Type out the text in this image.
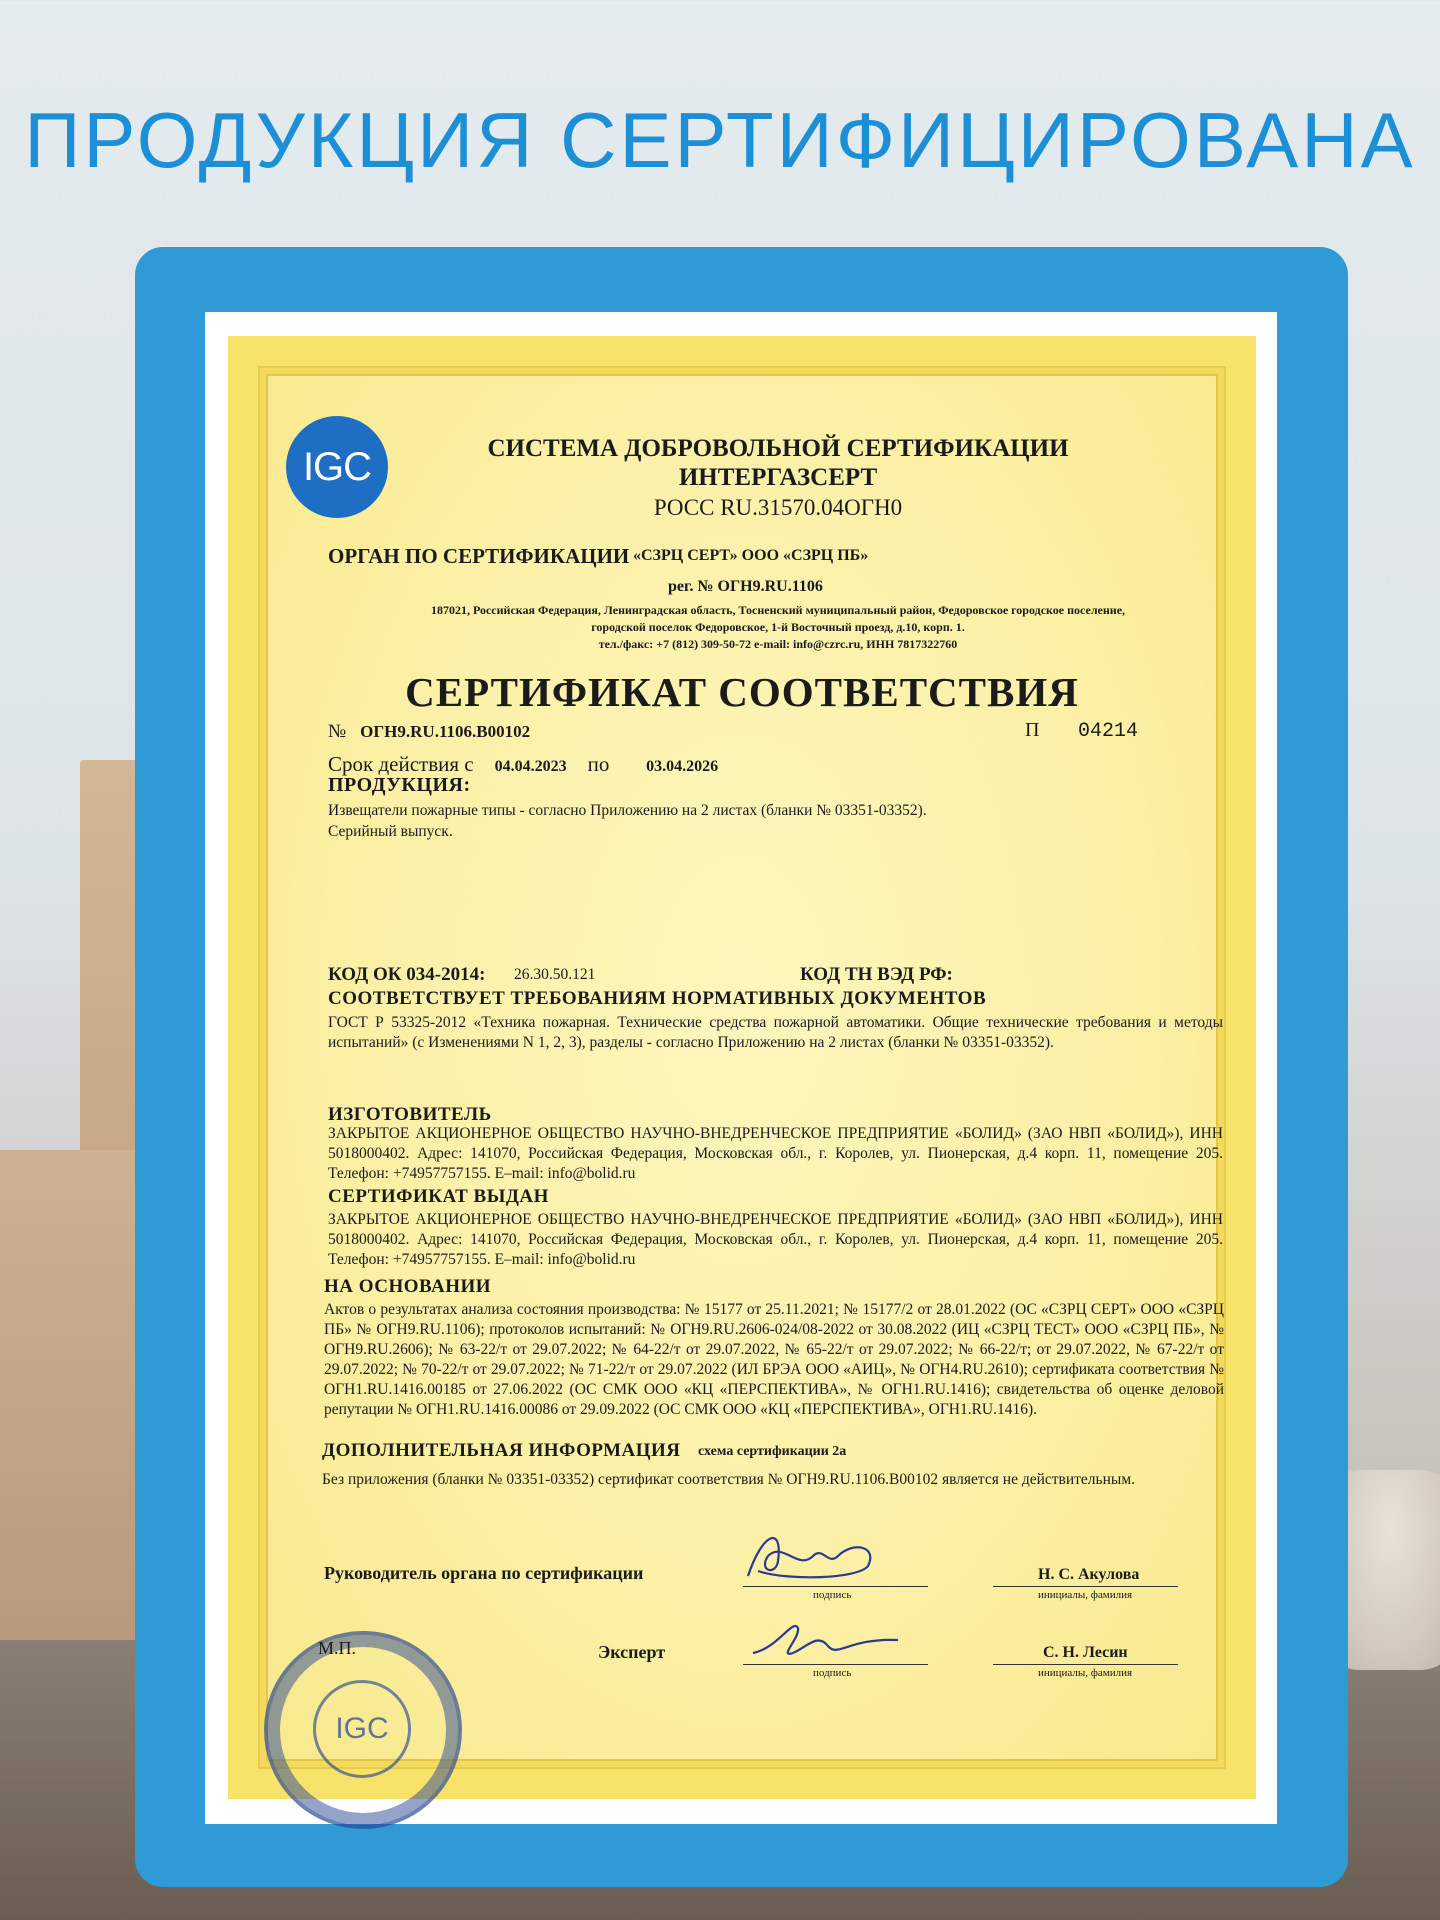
ПРОДУКЦИЯ СЕРТИФИЦИРОВАНА
IGC	СИСТЕМА ДОБРОВОЛЬНОЙ СЕРТИФИКАЦИИ
ИНТЕРГАЗСЕРТ
РОСС RU.31570.04ОГН0
ОРГАН ПО СЕРТИФИКАЦИИ «СЗРЦ СЕРТ» ООО «СЗРЦ ПБ»
рег. № ОГН9.RU.1106
187021, Российская Федерация, Ленинградская область, Тосненский муниципальный район, Федоровское городское поселение,
городской поселок Федоровское, 1-й Восточный проезд, д.10, корп. 1.
тел./факс: +7 (812) 309-50-72 e-mail: info@czrc.ru, ИНН 7817322760
СЕРТИФИКАТ СООТВЕТСТВИЯ
№ ОГН9.RU.1106.В00102	П 04214
Срок действия с 04.04.2023 по 03.04.2026
ПРОДУКЦИЯ:
Извещатели пожарные типы - согласно Приложению на 2 листах (бланки № 03351-03352).
Серийный выпуск.
КОД ОК 034-2014: 26.30.50.121	КОД ТН ВЭД РФ:
СООТВЕТСТВУЕТ ТРЕБОВАНИЯМ НОРМАТИВНЫХ ДОКУМЕНТОВ
ГОСТ Р 53325-2012 «Техника пожарная. Технические средства пожарной автоматики. Общие технические требования и методы испытаний» (с Изменениями N 1, 2, 3), разделы - согласно Приложению на 2 листах (бланки № 03351-03352).
ИЗГОТОВИТЕЛЬ
ЗАКРЫТОЕ АКЦИОНЕРНОЕ ОБЩЕСТВО НАУЧНО-ВНЕДРЕНЧЕСКОЕ ПРЕДПРИЯТИЕ «БОЛИД» (ЗАО НВП «БОЛИД»), ИНН 5018000402. Адрес: 141070, Российская Федерация, Московская обл., г. Королев, ул. Пионерская, д.4 корп. 11, помещение 205. Телефон: +74957757155. E–mail: info@bolid.ru
СЕРТИФИКАТ ВЫДАН
ЗАКРЫТОЕ АКЦИОНЕРНОЕ ОБЩЕСТВО НАУЧНО-ВНЕДРЕНЧЕСКОЕ ПРЕДПРИЯТИЕ «БОЛИД» (ЗАО НВП «БОЛИД»), ИНН 5018000402. Адрес: 141070, Российская Федерация, Московская обл., г. Королев, ул. Пионерская, д.4 корп. 11, помещение 205. Телефон: +74957757155. E–mail: info@bolid.ru
НА ОСНОВАНИИ
Актов о результатах анализа состояния производства: № 15177 от 25.11.2021; № 15177/2 от 28.01.2022 (ОС «СЗРЦ СЕРТ» ООО «СЗРЦ ПБ» № ОГН9.RU.1106); протоколов испытаний: № ОГН9.RU.2606-024/08-2022 от 30.08.2022 (ИЦ «СЗРЦ ТЕСТ» ООО «СЗРЦ ПБ», № ОГН9.RU.2606); № 63-22/т от 29.07.2022; № 64-22/т от 29.07.2022, № 65-22/т от 29.07.2022; № 66-22/т; от 29.07.2022, № 67-22/т от 29.07.2022; № 70-22/т от 29.07.2022; № 71-22/т от 29.07.2022 (ИЛ БРЭА ООО «АИЦ», № ОГН4.RU.2610); сертификата соответствия № ОГН1.RU.1416.00185 от 27.06.2022 (ОС СМК ООО «КЦ «ПЕРСПЕКТИВА», № ОГН1.RU.1416); свидетельства об оценке деловой репутации № ОГН1.RU.1416.00086 от 29.09.2022 (ОС СМК ООО «КЦ «ПЕРСПЕКТИВА», ОГН1.RU.1416).
ДОПОЛНИТЕЛЬНАЯ ИНФОРМАЦИЯ схема сертификации 2а
Без приложения (бланки № 03351-03352) сертификат соответствия № ОГН9.RU.1106.В00102 является не действительным.
IGC
Руководитель органа по сертификации
подпись
Н. С. Акулова
инициалы, фамилия
М.П.	Эксперт
подпись
С. Н. Лесин
инициалы, фамилия
